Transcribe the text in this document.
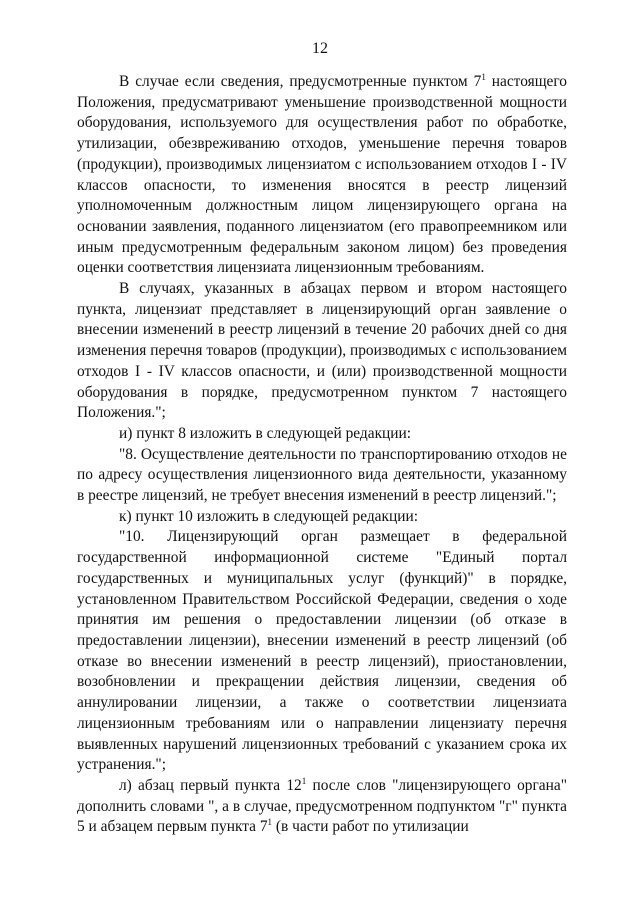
12

В случае если сведения, предусмотренные пунктом $7^1$ настоящего Положения, предусматривают уменьшение производственной мощности оборудования, используемого для осуществления работ по обработке, утилизации, обезвреживанию отходов, уменьшение перечня товаров (продукции), производимых лицензиатом с использованием отходов I - IV классов опасности, то изменения вносятся в реестр лицензий уполномоченным должностным лицом лицензирующего органа на основании заявления, поданного лицензиатом (его правопреемником или иным предусмотренным федеральным законом лицом) без проведения оценки соответствия лицензиата лицензионным требованиям.

В случаях, указанных в абзацах первом и втором настоящего пункта, лицензиат представляет в лицензирующий орган заявление о внесении изменений в реестр лицензий в течение 20 рабочих дней со дня изменения перечня товаров (продукции), производимых с использованием отходов I - IV классов опасности, и (или) производственной мощности оборудования в порядке, предусмотренном пунктом 7 настоящего Положения.";

и) пункт 8 изложить в следующей редакции:

"8. Осуществление деятельности по транспортированию отходов не по адресу осуществления лицензионного вида деятельности, указанному в реестре лицензий, не требует внесения изменений в реестр лицензий.";

к) пункт 10 изложить в следующей редакции:

"10. Лицензирующий орган размещает в федеральной государственной информационной системе "Единый портал государственных и муниципальных услуг (функций)" в порядке, установленном Правительством Российской Федерации, сведения о ходе принятия им решения о предоставлении лицензии (об отказе в предоставлении лицензии), внесении изменений в реестр лицензий (об отказе во внесении изменений в реестр лицензий), приостановлении, возобновлении и прекращении действия лицензии, сведения об аннулировании лицензии, а также о соответствии лицензиата лицензионным требованиям или о направлении лицензиату перечня выявленных нарушений лицензионных требований с указанием срока их устранения.";

л) абзац первый пункта $12^1$ после слов "лицензирующего органа" дополнить словами ", а в случае, предусмотренном подпунктом "г" пункта 5 и абзацем первым пункта $7^1$ (в части работ по утилизации
